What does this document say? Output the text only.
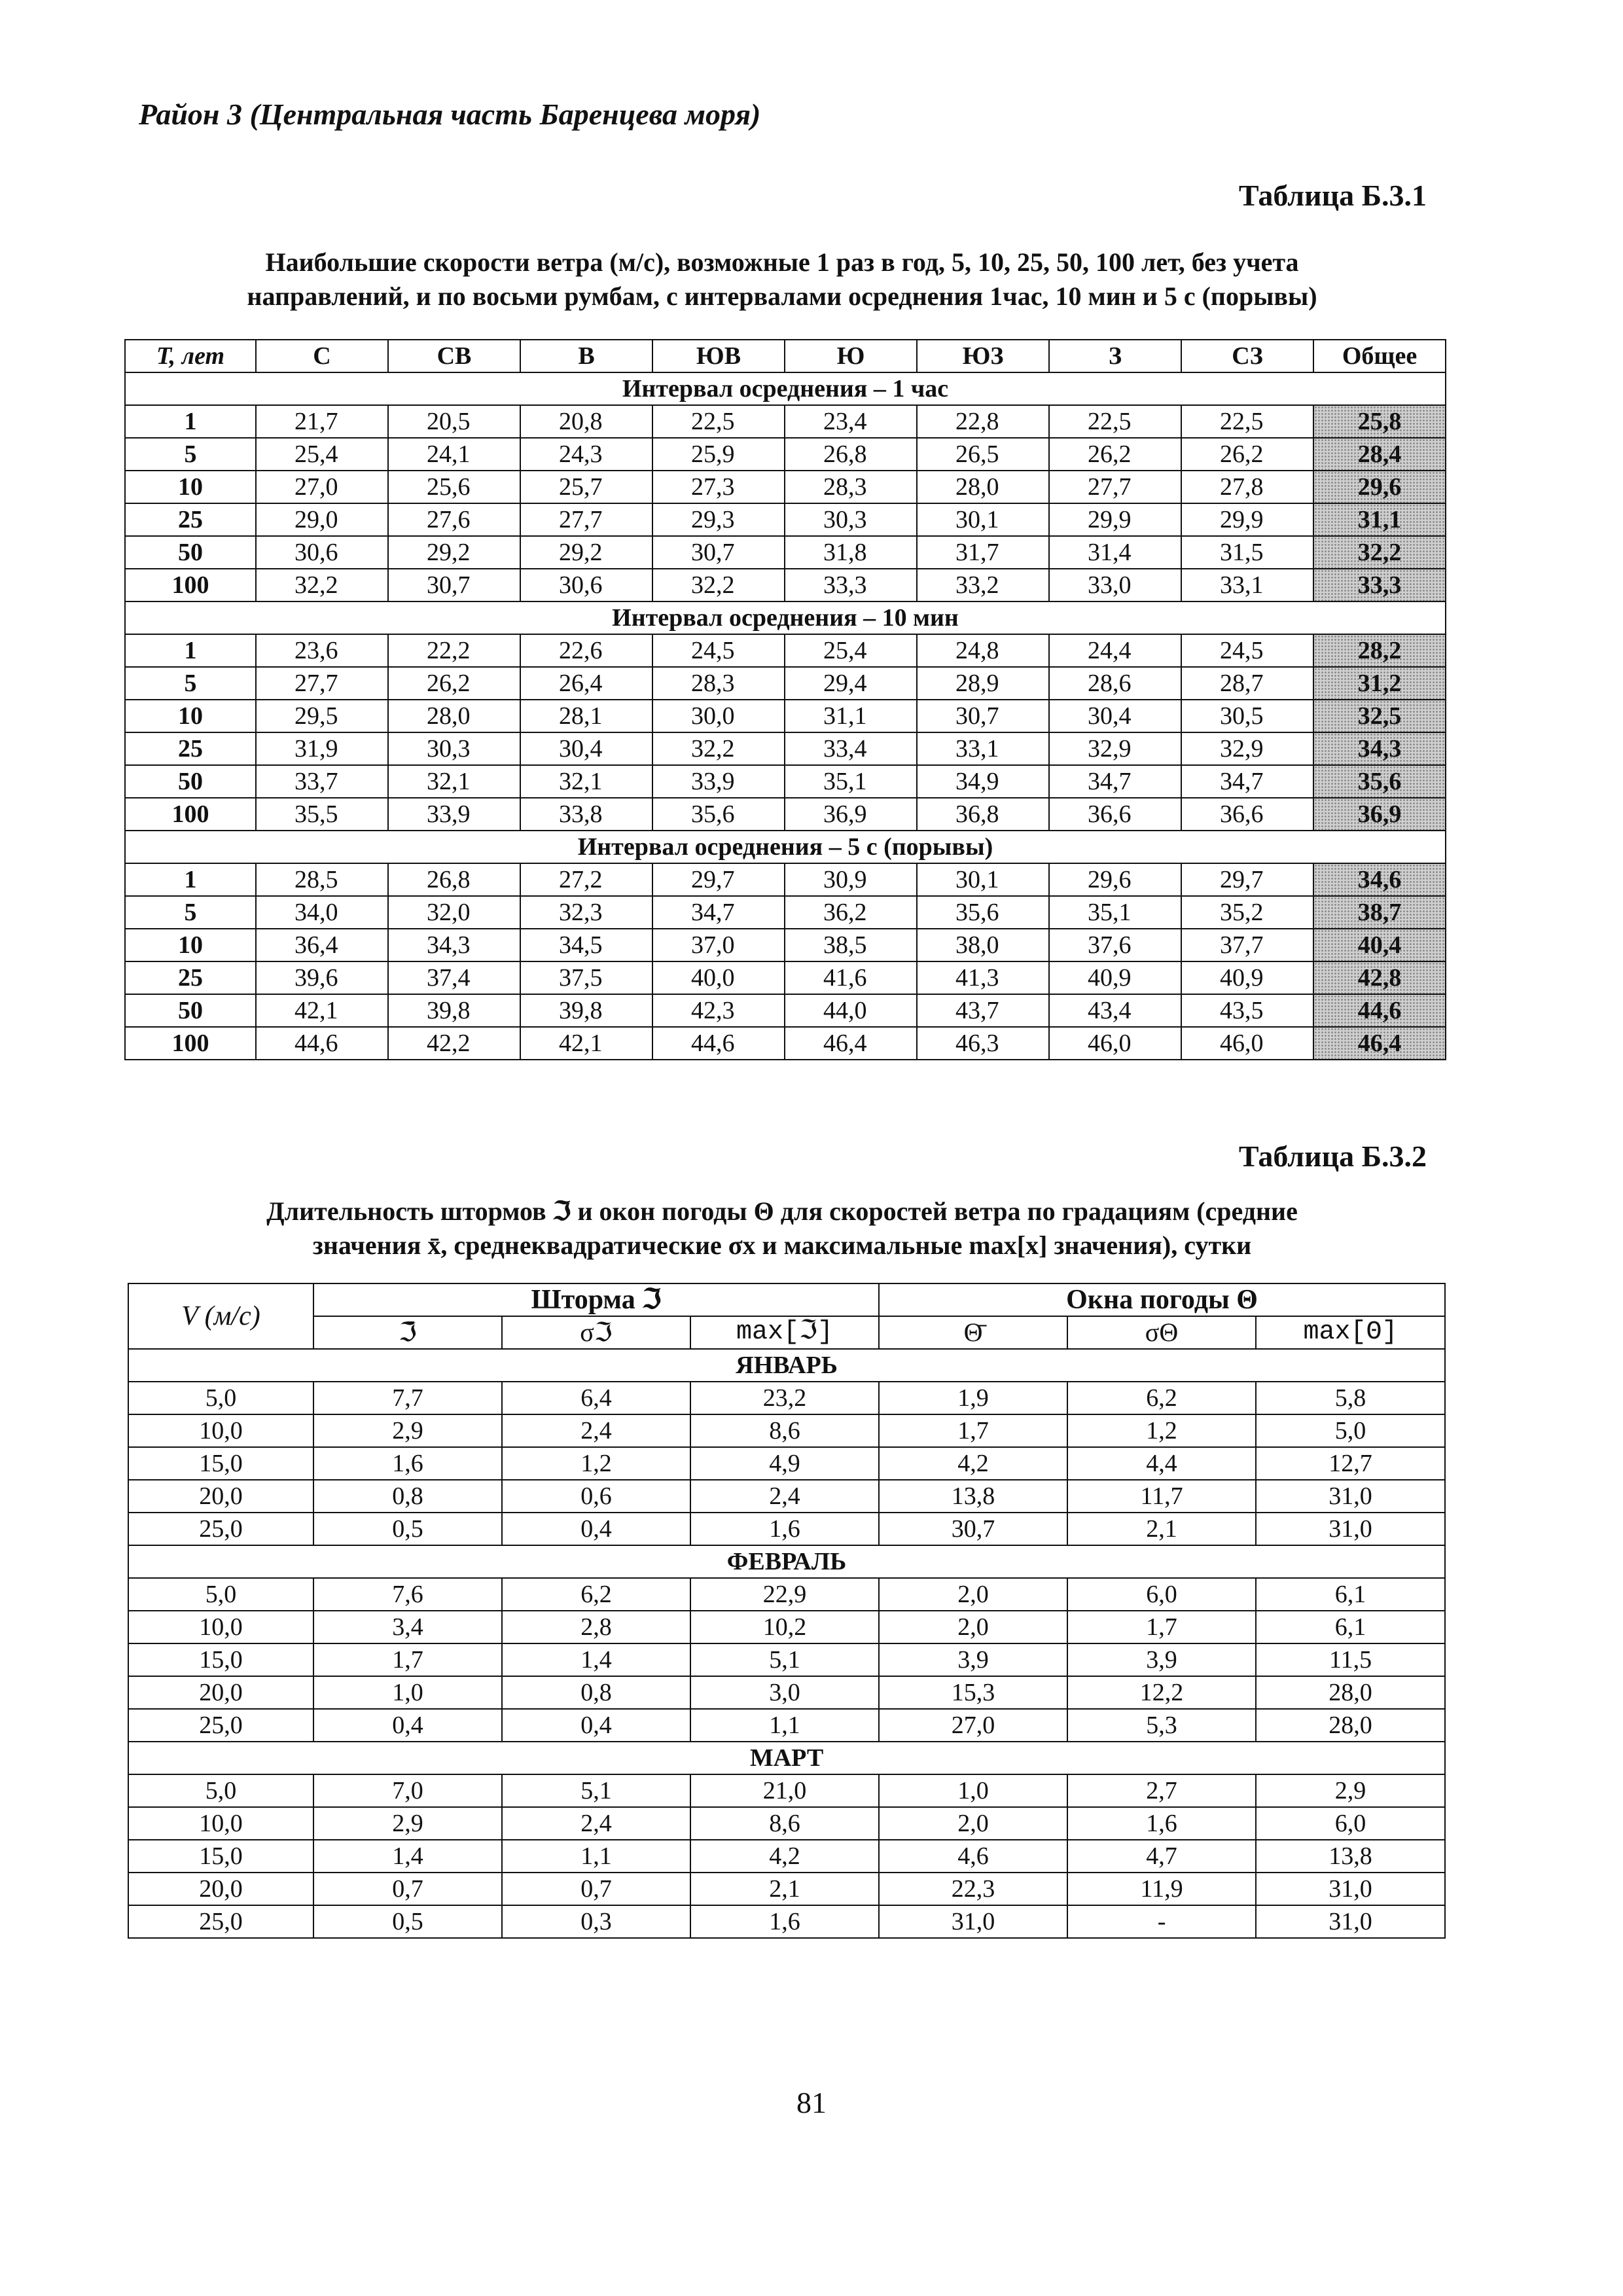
Район 3 (Центральная часть Баренцева моря)
Таблица Б.3.1
Наибольшие скорости ветра (м/с), возможные 1 раз в год, 5, 10, 25, 50, 100 лет, без учета
направлений, и по восьми румбам, с интервалами осреднения 1час, 10 мин и 5 с (порывы)
T, лет	С	СВ	В	ЮВ	Ю	ЮЗ	З	СЗ	Общее
Интервал осреднения – 1 час									
1	21,7	20,5	20,8	22,5	23,4	22,8	22,5	22,5	25,8
5	25,4	24,1	24,3	25,9	26,8	26,5	26,2	26,2	28,4
10	27,0	25,6	25,7	27,3	28,3	28,0	27,7	27,8	29,6
25	29,0	27,6	27,7	29,3	30,3	30,1	29,9	29,9	31,1
50	30,6	29,2	29,2	30,7	31,8	31,7	31,4	31,5	32,2
100	32,2	30,7	30,6	32,2	33,3	33,2	33,0	33,1	33,3
Интервал осреднения – 10 мин									
1	23,6	22,2	22,6	24,5	25,4	24,8	24,4	24,5	28,2
5	27,7	26,2	26,4	28,3	29,4	28,9	28,6	28,7	31,2
10	29,5	28,0	28,1	30,0	31,1	30,7	30,4	30,5	32,5
25	31,9	30,3	30,4	32,2	33,4	33,1	32,9	32,9	34,3
50	33,7	32,1	32,1	33,9	35,1	34,9	34,7	34,7	35,6
100	35,5	33,9	33,8	35,6	36,9	36,8	36,6	36,6	36,9
Интервал осреднения – 5 с (порывы)									
1	28,5	26,8	27,2	29,7	30,9	30,1	29,6	29,7	34,6
5	34,0	32,0	32,3	34,7	36,2	35,6	35,1	35,2	38,7
10	36,4	34,3	34,5	37,0	38,5	38,0	37,6	37,7	40,4
25	39,6	37,4	37,5	40,0	41,6	41,3	40,9	40,9	42,8
50	42,1	39,8	39,8	42,3	44,0	43,7	43,4	43,5	44,6
100	44,6	42,2	42,1	44,6	46,4	46,3	46,0	46,0	46,4
Таблица Б.3.2
Длительность штормов ℑ и окон погоды Θ для скоростей ветра по градациям (средние
значения x̄, среднеквадратические σx и максимальные max[x] значения), сутки
V (м/с)	Шторма ℑ			Окна погоды Θ		
	ℑ̄	σℑ	max[ℑ]	Θ̄	σΘ	max[Θ]
ЯНВАРЬ						
5,0	7,7	6,4	23,2	1,9	6,2	5,8
10,0	2,9	2,4	8,6	1,7	1,2	5,0
15,0	1,6	1,2	4,9	4,2	4,4	12,7
20,0	0,8	0,6	2,4	13,8	11,7	31,0
25,0	0,5	0,4	1,6	30,7	2,1	31,0
ФЕВРАЛЬ						
5,0	7,6	6,2	22,9	2,0	6,0	6,1
10,0	3,4	2,8	10,2	2,0	1,7	6,1
15,0	1,7	1,4	5,1	3,9	3,9	11,5
20,0	1,0	0,8	3,0	15,3	12,2	28,0
25,0	0,4	0,4	1,1	27,0	5,3	28,0
МАРТ						
5,0	7,0	5,1	21,0	1,0	2,7	2,9
10,0	2,9	2,4	8,6	2,0	1,6	6,0
15,0	1,4	1,1	4,2	4,6	4,7	13,8
20,0	0,7	0,7	2,1	22,3	11,9	31,0
25,0	0,5	0,3	1,6	31,0	-	31,0
81
